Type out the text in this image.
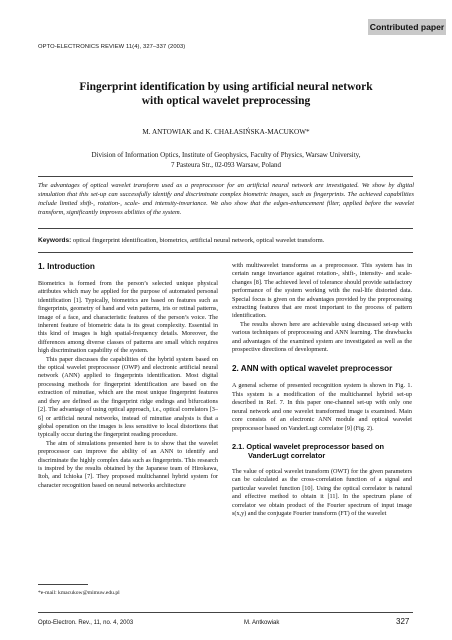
Contributed paper
OPTO-ELECTRONICS REVIEW 11(4), 327–337 (2003)
Fingerprint identification by using artificial neural network
with optical wavelet preprocessing
M. ANTOWIAK and K. CHAŁASIŃSKA-MACUKOW*
Division of Information Optics, Institute of Geophysics, Faculty of Physics, Warsaw University,
7 Pasteura Str., 02-093 Warsaw, Poland
The advantages of optical wavelet transform used as a preprocessor for an artificial neural network are investigated. We show by digital simulation that this set-up can successfully identify and discriminate complex biometric images, such as fingerprints. The achieved capabilities include limited shift-, rotation-, scale- and intensity-invariance. We also show that the edges-enhancement filter, applied before the wavelet transform, significantly improves abilities of the system.
Keywords: optical fingerprint identification, biometrics, artificial neural network, optical wavelet transform.
1. Introduction

Biometrics is formed from the person’s selected unique physical attributes which may be applied for the purpose of automated personal identification [1]. Typically, biometrics are based on features such as fingerprints, geometry of hand and vein patterns, iris or retinal patterns, image of a face, and characteristic features of the person’s voice. The inherent feature of biometric data is its great complexity. Essential in this kind of images is high spatial-frequency details. Moreover, the differences among diverse classes of patterns are small which requires high discrimination capability of the system.

This paper discusses the capabilities of the hybrid system based on the optical wavelet preprocessor (OWP) and electronic artificial neural network (ANN) applied to fingerprints identification. Most digital processing methods for fingerprint identification are based on the extraction of minutiae, which are the most unique fingerprint features and they are defined as the fingerprint ridge endings and bifurcations [2]. The advantage of using optical approach, i.e., optical correlators [3–6] or artificial neural networks, instead of minutiae analysis is that a global operation on the images is less sensitive to local distortions that typically occur during the fingerprint reading procedure.

The aim of simulations presented here is to show that the wavelet preprocessor can improve the ability of an ANN to identify and discriminate the highly complex data such as fingerprints. This research is inspired by the results obtained by the Japanese team of Hirokawa, Itoh, and Ichioka [7]. They proposed multichannel hybrid system for character recognition based on neural networks architecture

*e-mail: kmacukow@mimuw.edu.pl

with multiwavelet transforms as a preprocessor. This system has in certain range invariance against rotation-, shift-, intensity- and scale- changes [8]. The achieved level of tolerance should provide satisfactory performance of the system working with the real-life distorted data. Special focus is given on the advantages provided by the preprocessing extracting features that are most important to the process of pattern identification.

The results shown here are achievable using discussed set-up with various techniques of preprocessing and ANN learning. The drawbacks and advantages of the examined system are investigated as well as the prospective directions of development.

2. ANN with optical wavelet preprocessor

A general scheme of presented recognition system is shown in Fig. 1. This system is a modification of the multichannel hybrid set-up described in Ref. 7. In this paper one-channel set-up with only one neural network and one wavelet transformed image is examined. Main core consists of an electronic ANN module and optical wavelet preprocessor based on VanderLugt correlator [9] (Fig. 2).

2.1. Optical wavelet preprocessor based on
VanderLugt correlator

The value of optical wavelet transform (OWT) for the given parameters can be calculated as the cross-correlation function of a signal and particular wavelet function [10]. Using the optical correlator is natural and effective method to obtain it [11]. In the spectrum plane of correlator we obtain product of the Fourier spectrum of input image s(x,y) and the conjugate Fourier transform (FT) of the wavelet

Opto-Electron. Rev., 11, no. 4, 2003	M. Antkowiak	327
